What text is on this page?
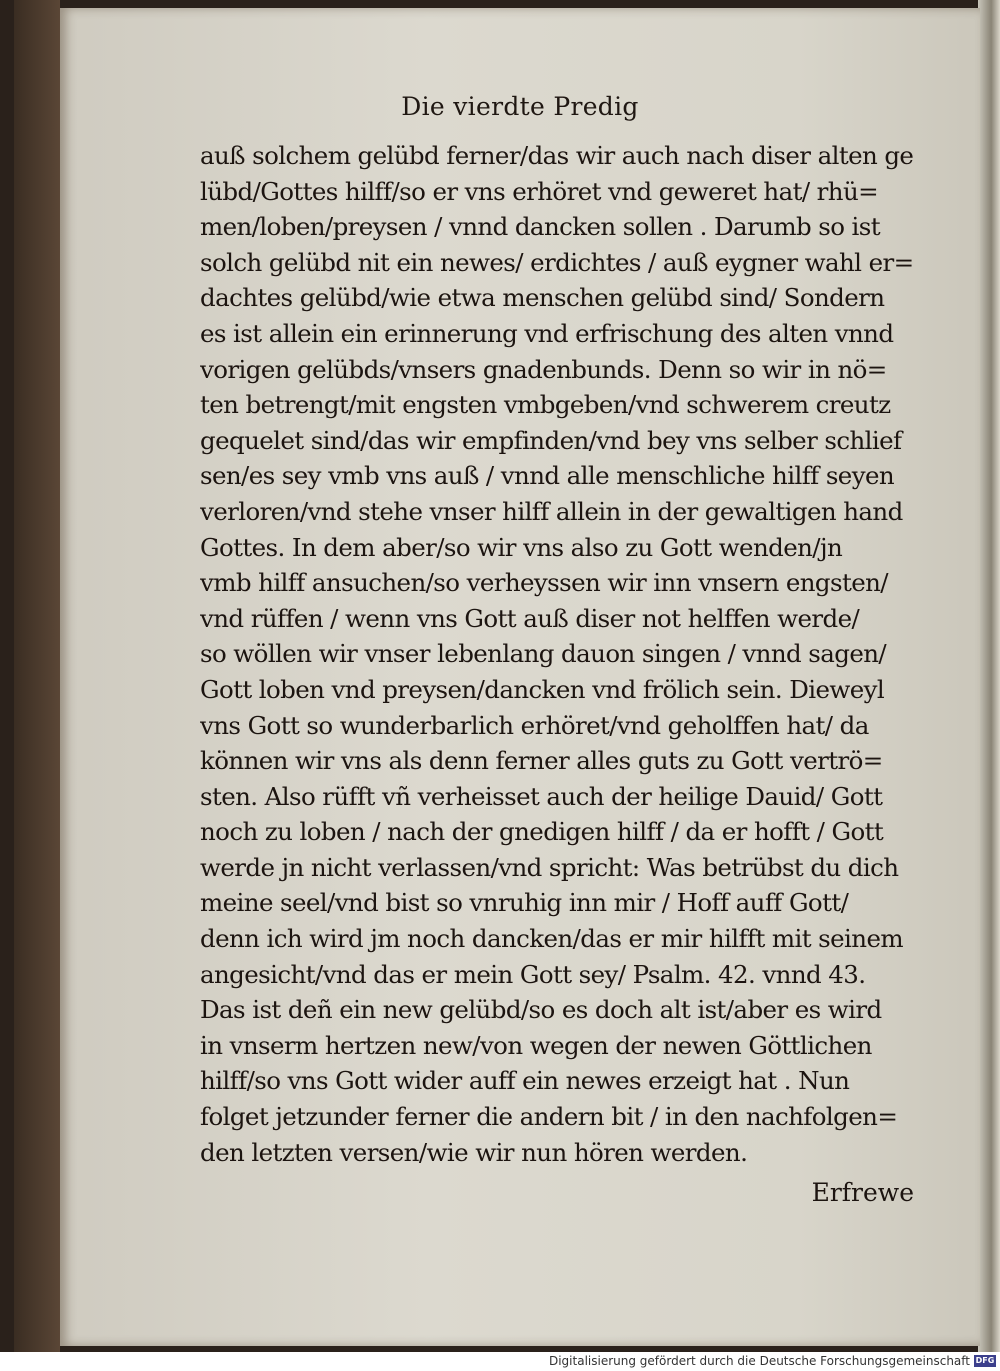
Die vierdte Predig
auß solchem gelübd ferner/das wir auch nach diser alten ge
lübd/Gottes hilff/so er vns erhöret vnd geweret hat/ rhü=
men/loben/preysen / vnnd dancken sollen . Darumb so ist
solch gelübd nit ein newes/ erdichtes / auß eygner wahl er=
dachtes gelübd/wie etwa menschen gelübd sind/ Sondern
es ist allein ein erinnerung vnd erfrischung des alten vnnd
vorigen gelübds/vnsers gnadenbunds. Denn so wir in nö=
ten betrengt/mit engsten vmbgeben/vnd schwerem creutz
gequelet sind/das wir empfinden/vnd bey vns selber schlief
sen/es sey vmb vns auß / vnnd alle menschliche hilff seyen
verloren/vnd stehe vnser hilff allein in der gewaltigen hand
Gottes. In dem aber/so wir vns also zu Gott wenden/jn
vmb hilff ansuchen/so verheyssen wir inn vnsern engsten/
vnd rüffen / wenn vns Gott auß diser not helffen werde/
so wöllen wir vnser lebenlang dauon singen / vnnd sagen/
Gott loben vnd preysen/dancken vnd frölich sein. Dieweyl
vns Gott so wunderbarlich erhöret/vnd geholffen hat/ da
können wir vns als denn ferner alles guts zu Gott vertrö=
sten. Also rüfft vñ verheisset auch der heilige Dauid/ Gott
noch zu loben / nach der gnedigen hilff / da er hofft / Gott
werde jn nicht verlassen/vnd spricht: Was betrübst du dich
meine seel/vnd bist so vnruhig inn mir / Hoff auff Gott/
denn ich wird jm noch dancken/das er mir hilfft mit seinem
angesicht/vnd das er mein Gott sey/ Psalm. 42. vnnd 43.
Das ist deñ ein new gelübd/so es doch alt ist/aber es wird
in vnserm hertzen new/von wegen der newen Göttlichen
hilff/so vns Gott wider auff ein newes erzeigt hat . Nun
folget jetzunder ferner die andern bit / in den nachfolgen=
den letzten versen/wie wir nun hören werden.
Erfrewe
Digitalisierung gefördert durch die Deutsche Forschungsgemeinschaft DFG
